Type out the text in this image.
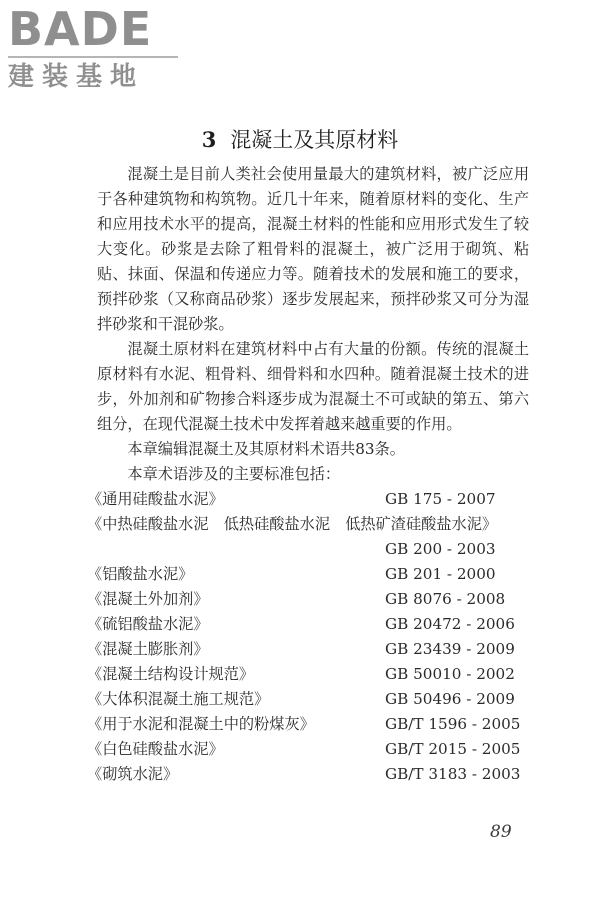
BADE
建装基地
3 混凝土及其原材料

混凝土是目前人类社会使用量最大的建筑材料，被广泛应用于各种建筑物和构筑物。近几十年来，随着原材料的变化、生产和应用技术水平的提高，混凝土材料的性能和应用形式发生了较大变化。砂浆是去除了粗骨料的混凝土，被广泛用于砌筑、粘贴、抹面、保温和传递应力等。随着技术的发展和施工的要求，预拌砂浆（又称商品砂浆）逐步发展起来，预拌砂浆又可分为湿拌砂浆和干混砂浆。

混凝土原材料在建筑材料中占有大量的份额。传统的混凝土原材料有水泥、粗骨料、细骨料和水四种。随着混凝土技术的进步，外加剂和矿物掺合料逐步成为混凝土不可或缺的第五、第六组分，在现代混凝土技术中发挥着越来越重要的作用。

本章编辑混凝土及其原材料术语共83条。

本章术语涉及的主要标准包括：

《通用硅酸盐水泥》	GB 175 - 2007
《中热硅酸盐水泥　低热硅酸盐水泥　低热矿渣硅酸盐水泥》
GB 200 - 2003
《铝酸盐水泥》	GB 201 - 2000
《混凝土外加剂》	GB 8076 - 2008
《硫铝酸盐水泥》	GB 20472 - 2006
《混凝土膨胀剂》	GB 23439 - 2009
《混凝土结构设计规范》	GB 50010 - 2002
《大体积混凝土施工规范》	GB 50496 - 2009
《用于水泥和混凝土中的粉煤灰》	GB/T 1596 - 2005
《白色硅酸盐水泥》	GB/T 2015 - 2005
《砌筑水泥》	GB/T 3183 - 2003
89
